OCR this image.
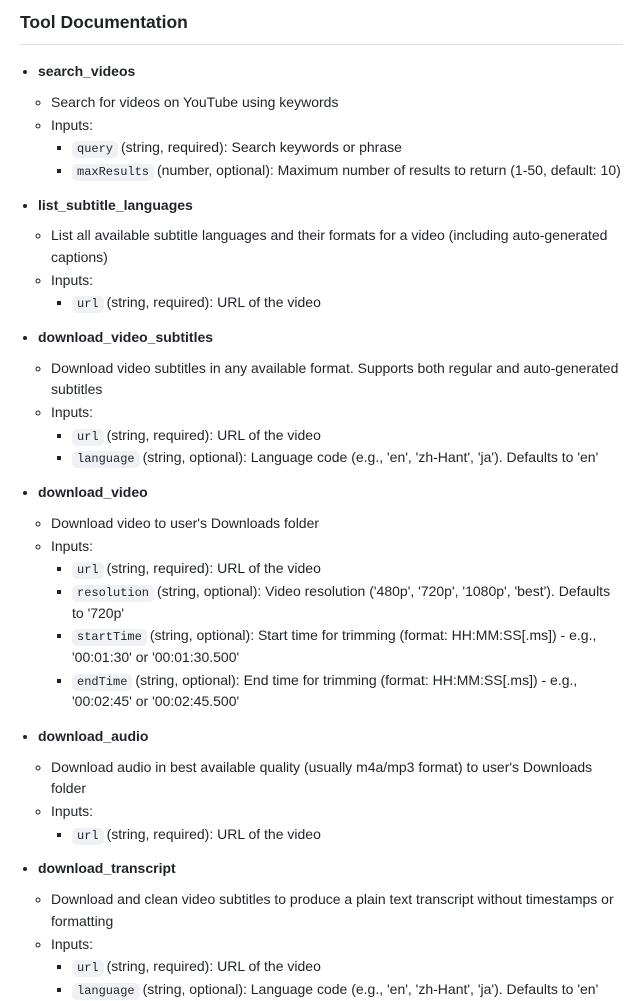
Tool Documentation
• search_videos
◦ Search for videos on YouTube using keywords
◦ Inputs:
▪ query (string, required): Search keywords or phrase
▪ maxResults (number, optional): Maximum number of results to return (1-50, default: 10)
• list_subtitle_languages
◦ List all available subtitle languages and their formats for a video (including auto-generated captions)
◦ Inputs:
▪ url (string, required): URL of the video
• download_video_subtitles
◦ Download video subtitles in any available format. Supports both regular and auto-generated subtitles
◦ Inputs:
▪ url (string, required): URL of the video
▪ language (string, optional): Language code (e.g., 'en', 'zh-Hant', 'ja'). Defaults to 'en'
• download_video
◦ Download video to user's Downloads folder
◦ Inputs:
▪ url (string, required): URL of the video
▪ resolution (string, optional): Video resolution ('480p', '720p', '1080p', 'best'). Defaults to '720p'
▪ startTime (string, optional): Start time for trimming (format: HH:MM:SS[.ms]) - e.g., '00:01:30' or '00:01:30.500'
▪ endTime (string, optional): End time for trimming (format: HH:MM:SS[.ms]) - e.g., '00:02:45' or '00:02:45.500'
• download_audio
◦ Download audio in best available quality (usually m4a/mp3 format) to user's Downloads folder
◦ Inputs:
▪ url (string, required): URL of the video
• download_transcript
◦ Download and clean video subtitles to produce a plain text transcript without timestamps or formatting
◦ Inputs:
▪ url (string, required): URL of the video
▪ language (string, optional): Language code (e.g., 'en', 'zh-Hant', 'ja'). Defaults to 'en'
